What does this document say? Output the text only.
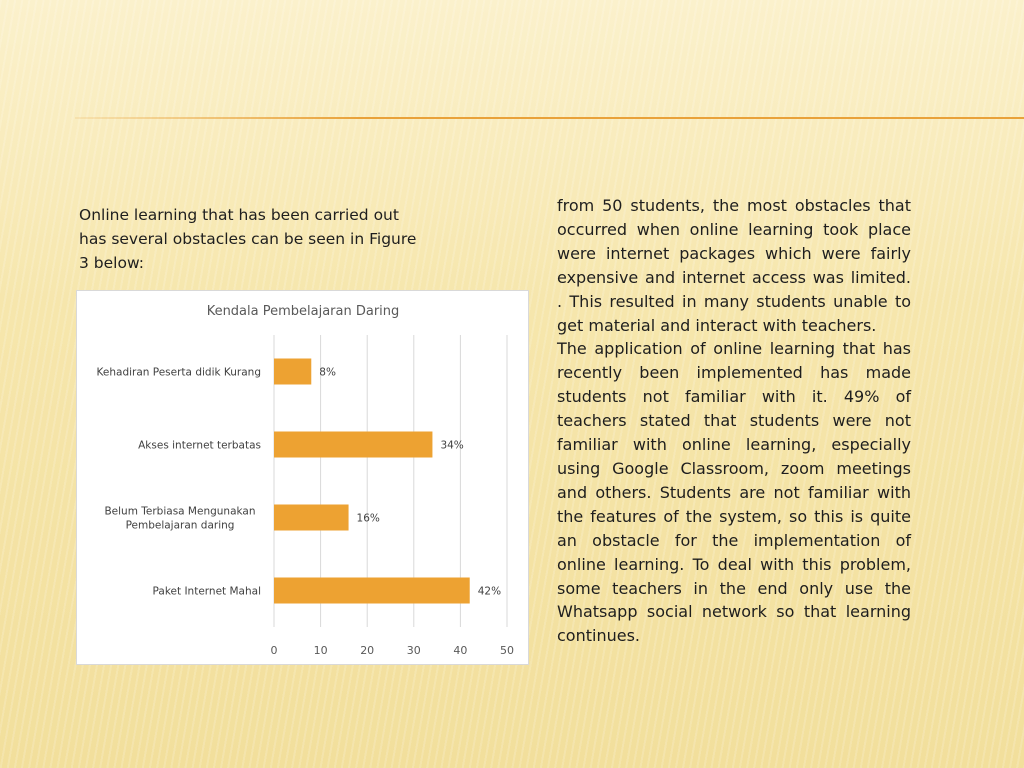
Online learning that has been carried out has several obstacles can be seen in Figure 3 below:

Kendala Pembelajaran Daring
0	10	20	30	40	50
Kehadiran Peserta didik Kurang	8%
Akses internet terbatas	34%
Belum Terbiasa Mengunakan Pembelajaran daring
16%
Paket Internet Mahal	42%

from 50 students, the most obstacles that occurred when online learning took place were internet packages which were fairly expensive and internet access was limited. . This resulted in many students unable to get material and interact with teachers.

The application of online learning that has recently been implemented has made students not familiar with it. 49% of teachers stated that students were not familiar with online learning, especially using Google Classroom, zoom meetings and others. Students are not familiar with the features of the system, so this is quite an obstacle for the implementation of online learning. To deal with this problem, some teachers in the end only use the Whatsapp social network so that learning continues.
